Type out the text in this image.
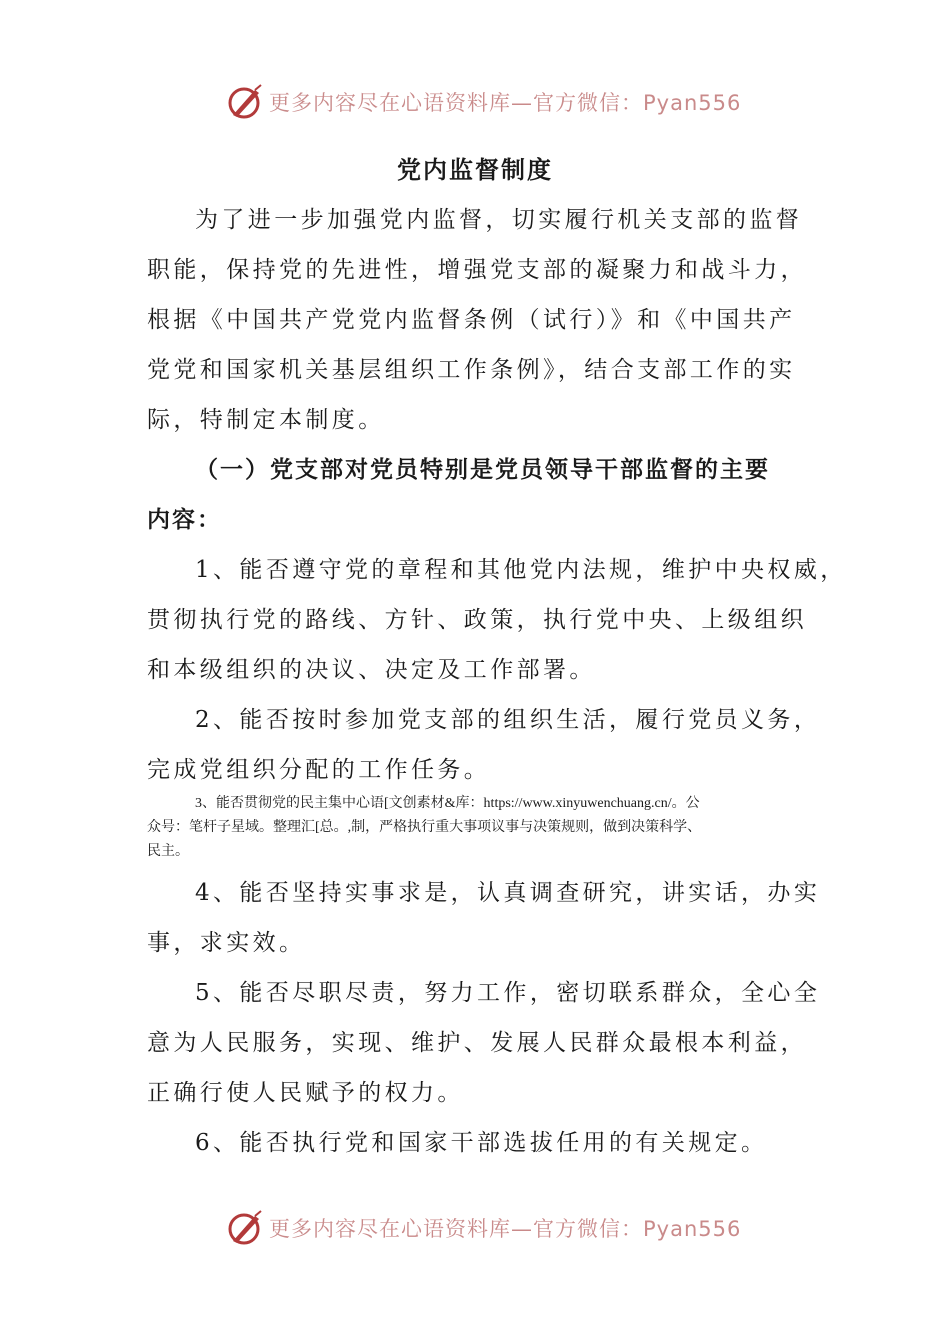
更多内容尽在心语资料库—官方微信：Pyan556
党内监督制度
为了进一步加强党内监督，切实履行机关支部的监督
职能，保持党的先进性，增强党支部的凝聚力和战斗力，
根据《中国共产党党内监督条例（试行）》和《中国共产
党党和国家机关基层组织工作条例》，结合支部工作的实
际，特制定本制度。
（一）党支部对党员特别是党员领导干部监督的主要
内容：
1、能否遵守党的章程和其他党内法规，维护中央权威，
贯彻执行党的路线、方针、政策，执行党中央、上级组织
和本级组织的决议、决定及工作部署。
2、能否按时参加党支部的组织生活，履行党员义务，
完成党组织分配的工作任务。
3、能否贯彻党的民主集中心语[文创素材&库：https://www.xinyuwenchuang.cn/。公
众号：笔杆子星域。整理汇[总。,制，严格执行重大事项议事与决策规则，做到决策科学、
民主。
4、能否坚持实事求是，认真调查研究，讲实话，办实
事，求实效。
5、能否尽职尽责，努力工作，密切联系群众，全心全
意为人民服务，实现、维护、发展人民群众最根本利益，
正确行使人民赋予的权力。
6、能否执行党和国家干部选拔任用的有关规定。
更多内容尽在心语资料库—官方微信：Pyan556
